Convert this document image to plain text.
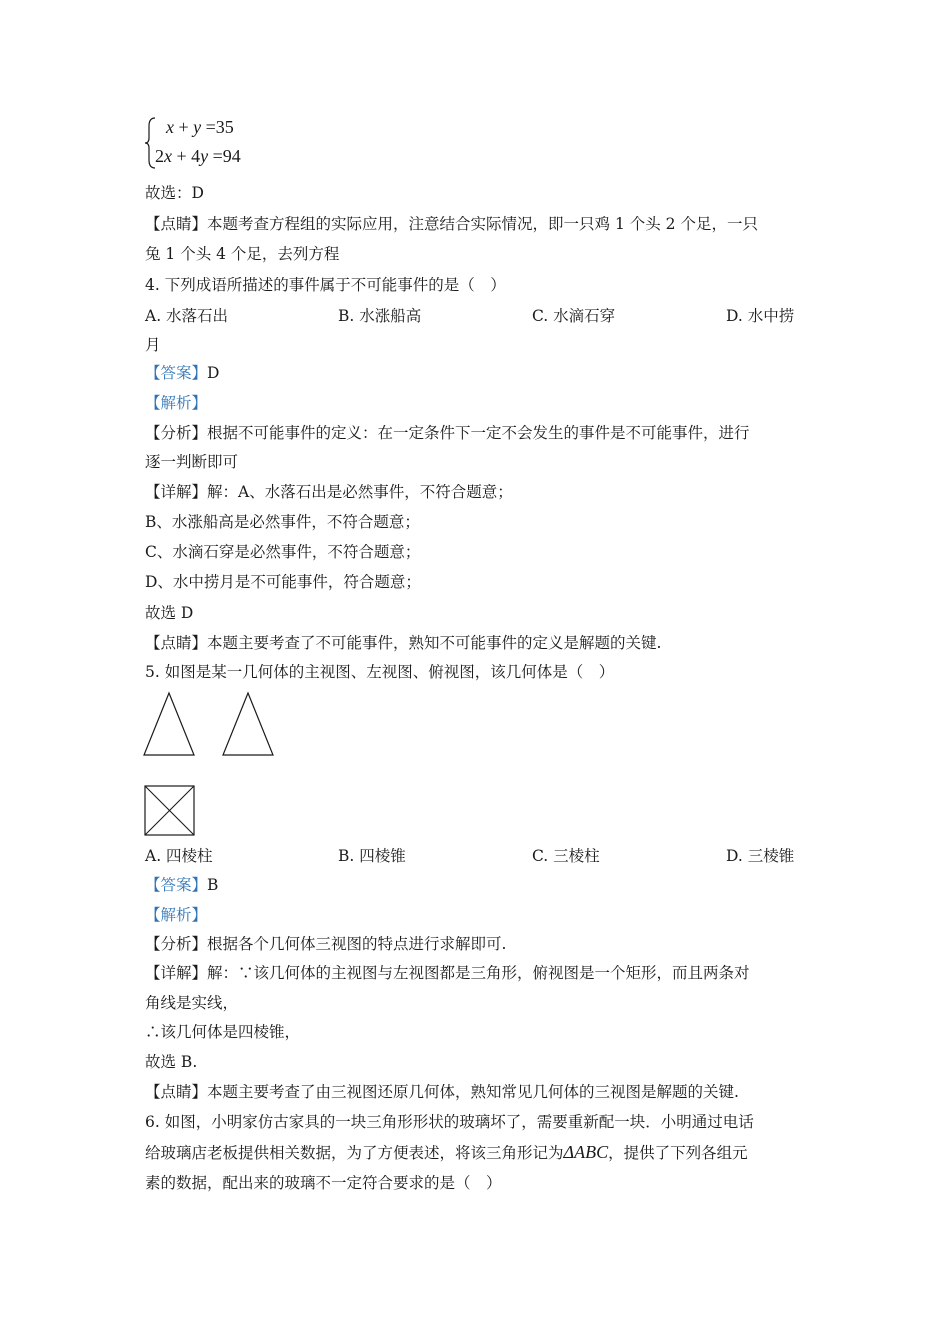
x + y =35
2x + 4y =94
故选：D
【点睛】本题考查方程组的实际应用，注意结合实际情况，即一只鸡 1 个头 2 个足，一只
兔 1 个头 4 个足，去列方程
4. 下列成语所描述的事件属于不可能事件的是（　）
A. 水落石出	B. 水涨船高	C. 水滴石穿	D. 水中捞
月
【答案】D
【解析】
【分析】根据不可能事件的定义：在一定条件下一定不会发生的事件是不可能事件，进行
逐一判断即可
【详解】解：A、水落石出是必然事件，不符合题意；
B、水涨船高是必然事件，不符合题意；
C、水滴石穿是必然事件，不符合题意；
D、水中捞月是不可能事件，符合题意；
故选 D
【点睛】本题主要考查了不可能事件，熟知不可能事件的定义是解题的关键.
5. 如图是某一几何体的主视图、左视图、俯视图，该几何体是（　）
A. 四棱柱	B. 四棱锥	C. 三棱柱	D. 三棱锥
【答案】B
【解析】
【分析】根据各个几何体三视图的特点进行求解即可.
【详解】解：∵该几何体的主视图与左视图都是三角形，俯视图是一个矩形，而且两条对
角线是实线，
∴该几何体是四棱锥，
故选 B.
【点睛】本题主要考查了由三视图还原几何体，熟知常见几何体的三视图是解题的关键.
6. 如图，小明家仿古家具的一块三角形形状的玻璃坏了，需要重新配一块．小明通过电话
给玻璃店老板提供相关数据，为了方便表述，将该三角形记为ΔABC，提供了下列各组元
素的数据，配出来的玻璃不一定符合要求的是（　）
